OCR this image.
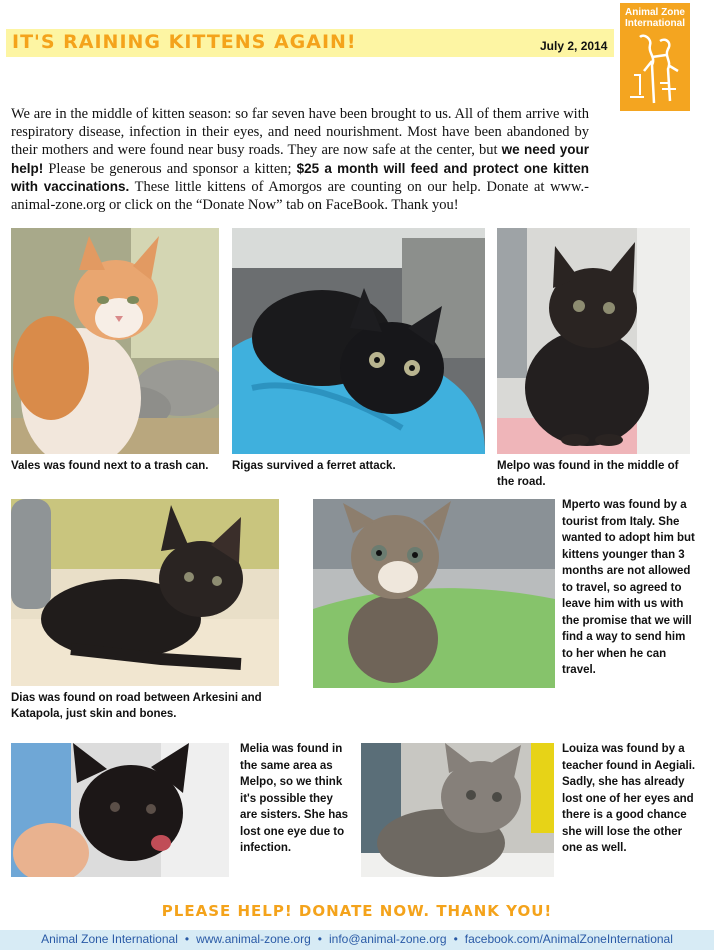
IT'S RAINING KITTENS AGAIN!	July 2, 2014
Animal Zone
International
We are in the middle of kitten season: so far seven have been brought to us. All of them arrive with respiratory disease, infection in their eyes, and need nourishment. Most have been abandoned by their mothers and were found near busy roads. They are now safe at the center, but we need your help! Please be generous and sponsor a kitten; $25 a month will feed and protect one kitten with vaccinations. These little kittens of Amorgos are counting on our help. Donate at www.-animal-zone.org or click on the “Donate Now” tab on FaceBook. Thank you!
Vales was found next to a trash can.	Rigas survived a ferret attack.	Melpo was found in the middle of the road.
Dias was found on road between Arkesini and Katapola, just skin and bones.
Mperto was found by a tourist from Italy. She wanted to adopt him but kittens younger than 3 months are not allowed to travel, so agreed to leave him with us with the promise that we will find a way to send him to her when he can travel.
Melia was found in the same area as Melpo, so we think it's possible they are sisters. She has lost one eye due to infection.
Louiza was found by a teacher found in Aegiali. Sadly, she has already lost one of her eyes and there is a good chance she will lose the other one as well.
PLEASE HELP! DONATE NOW. THANK YOU!
Animal Zone International • www.animal-zone.org • info@animal-zone.org • facebook.com/AnimalZoneInternational
